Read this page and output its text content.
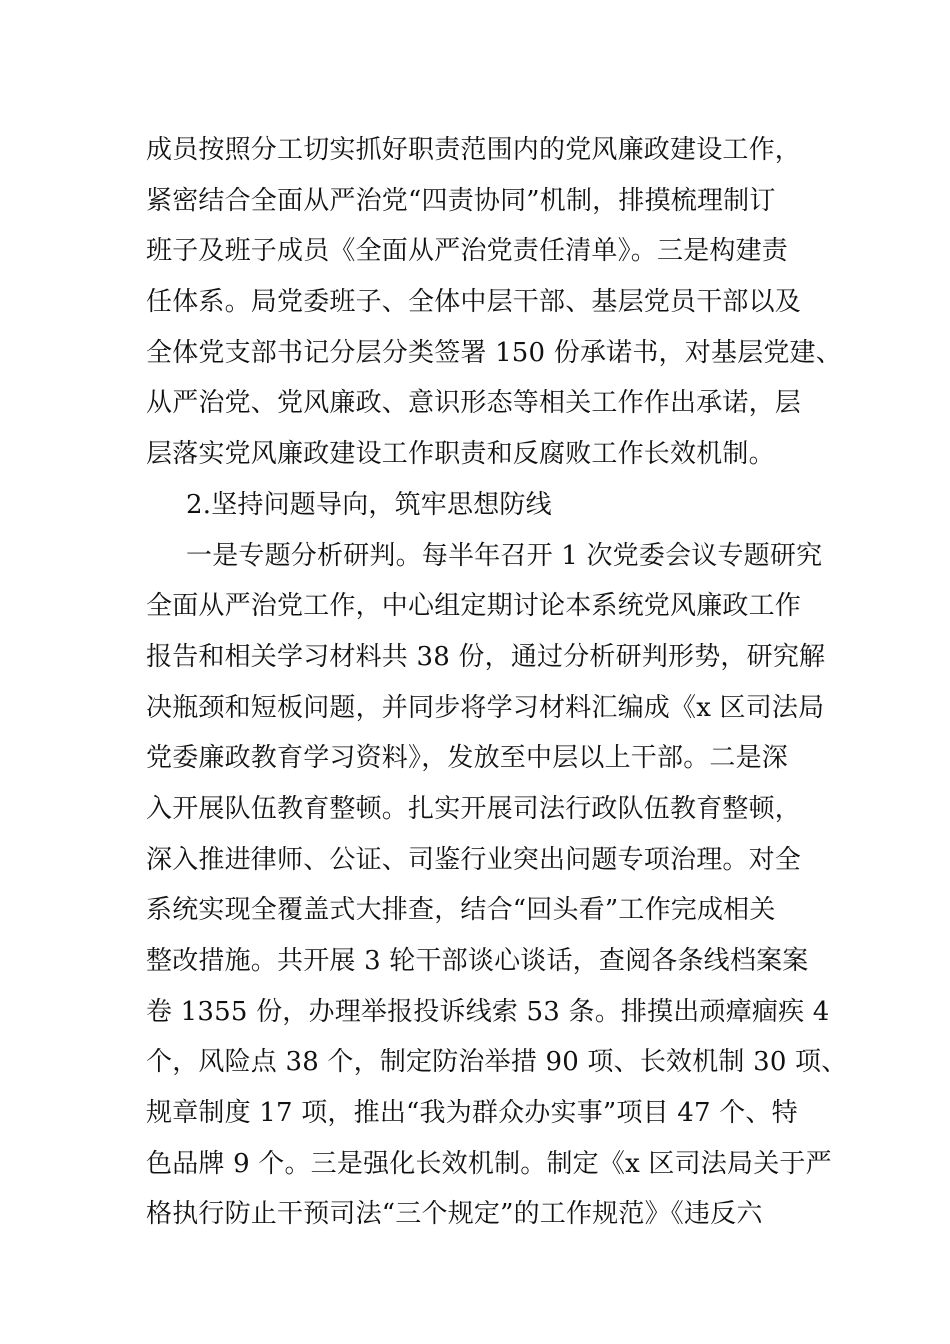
成员按照分工切实抓好职责范围内的党风廉政建设工作，
紧密结合全面从严治党“四责协同”机制，排摸梳理制订
班子及班子成员《全面从严治党责任清单》。三是构建责
任体系。局党委班子、全体中层干部、基层党员干部以及
全体党支部书记分层分类签署 150 份承诺书，对基层党建、
从严治党、党风廉政、意识形态等相关工作作出承诺，层
层落实党风廉政建设工作职责和反腐败工作长效机制。
2.坚持问题导向，筑牢思想防线
一是专题分析研判。每半年召开 1 次党委会议专题研究
全面从严治党工作，中心组定期讨论本系统党风廉政工作
报告和相关学习材料共 38 份，通过分析研判形势，研究解
决瓶颈和短板问题，并同步将学习材料汇编成《x 区司法局
党委廉政教育学习资料》，发放至中层以上干部。二是深
入开展队伍教育整顿。扎实开展司法行政队伍教育整顿，
深入推进律师、公证、司鉴行业突出问题专项治理。对全
系统实现全覆盖式大排查，结合“回头看”工作完成相关
整改措施。共开展 3 轮干部谈心谈话，查阅各条线档案案
卷 1355 份，办理举报投诉线索 53 条。排摸出顽瘴痼疾 4
个，风险点 38 个，制定防治举措 90 项、长效机制 30 项、
规章制度 17 项，推出“我为群众办实事”项目 47 个、特
色品牌 9 个。三是强化长效机制。制定《x 区司法局关于严
格执行防止干预司法“三个规定”的工作规范》《违反六
